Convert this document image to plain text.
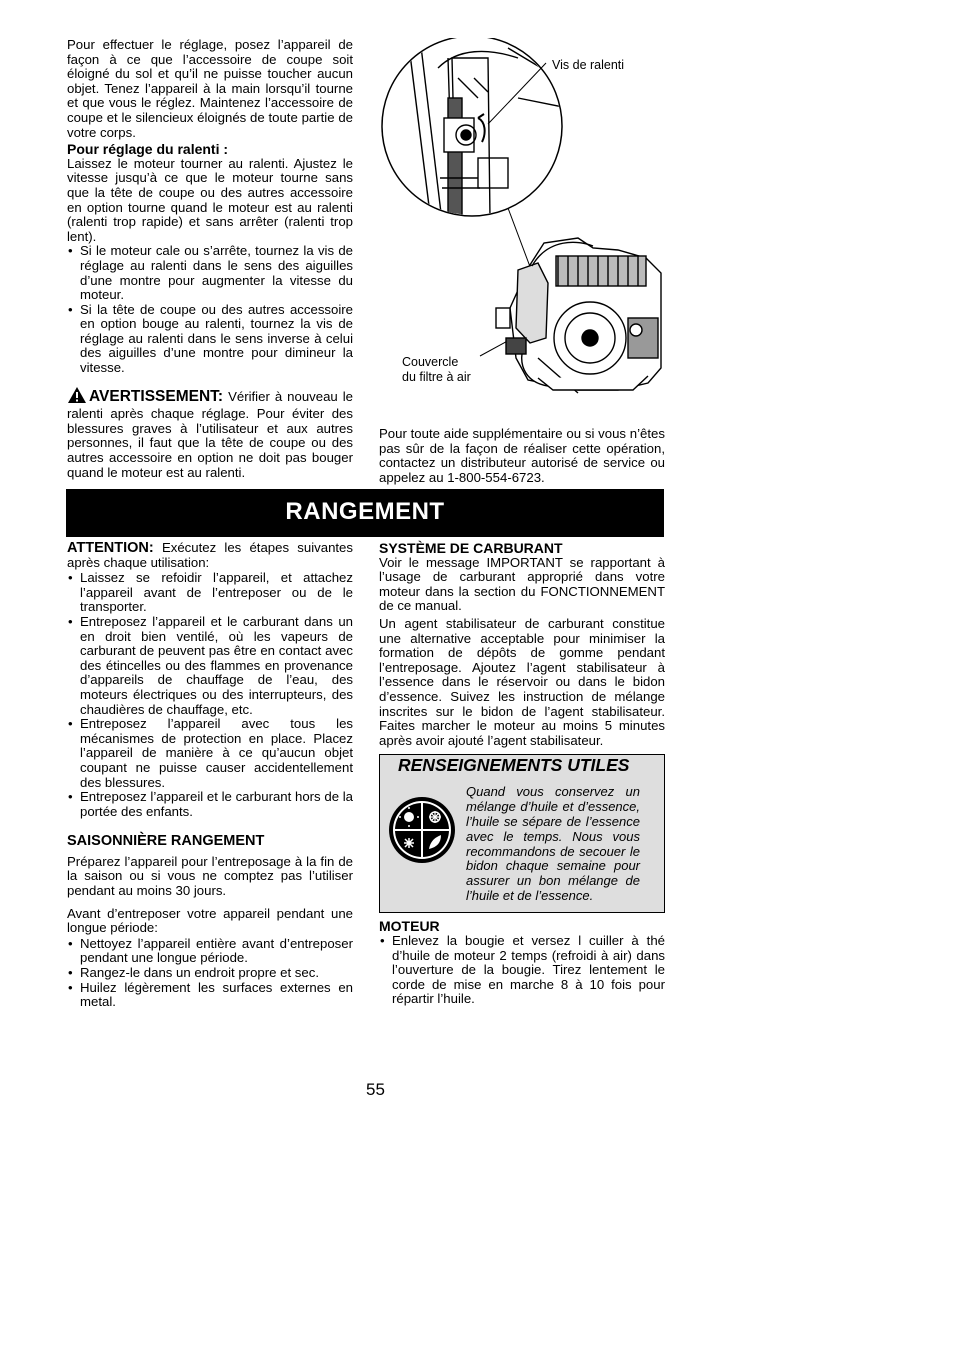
Pour effectuer le réglage, posez l’appareil de façon à ce que l’accessoire de coupe soit éloigné du sol et qu’il ne puisse toucher aucun objet. Tenez l’appareil à la main lorsqu’il tourne et que vous le réglez. Maintenez l’accessoire de coupe et le silencieux éloignés de toute partie de votre corps.

Pour réglage du ralenti :

Laissez le moteur tourner au ralenti. Ajustez le vitesse jusqu’à ce que le moteur tourne sans que la tête de coupe ou des autres accessoire en option tourne quand le moteur est au ralenti (ralenti trop rapide) et sans arrêter (ralenti trop lent).

• Si le moteur cale ou s’arrête, tournez la vis de réglage au ralenti dans le sens des aiguilles d’une montre pour augmenter la vitesse du moteur.
• Si la tête de coupe ou des autres accessoire en option bouge au ralenti, tournez la vis de réglage au ralenti dans le sens inverse à celui des aiguilles d’une montre pour dimineur la vitesse.

AVERTISSEMENT: Vérifier à nouveau le ralenti après chaque réglage. Pour éviter des blessures graves à l’utilisateur et aux autres personnes, il faut que la tête de coupe ou des autres accessoire en option ne doit pas bouger quand le moteur est au ralenti.

Vis de ralenti
Couvercle
du filtre à air

Pour toute aide supplémentaire ou si vous n’êtes pas sûr de la façon de réaliser cette opération, contactez un distributeur autorisé de service ou appelez au 1-800-554-6723.

RANGEMENT

ATTENTION: Exécutez les étapes suivantes après chaque utilisation:

• Laissez se refoidir l’appareil, et attachez l’appareil avant de l’entreposer ou de le transporter.
• Entreposez l’appareil et le carburant dans un en droit bien ventilé, où les vapeurs de carburant de peuvent pas être en contact avec des étincelles ou des flammes en provenance d’appareils de chauffage de l’eau, des moteurs électriques ou des interrupteurs, des chaudières de chauffage, etc.
• Entreposez l’appareil avec tous les mécanismes de protection en place. Placez l’appareil de manière à ce qu’aucun objet coupant ne puisse causer accidentellement des blessures.
• Entreposez l’appareil et le carburant hors de la portée des enfants.

SAISONNIÈRE RANGEMENT

Préparez l’appareil pour l’entreposage à la fin de la saison ou si vous ne comptez pas l’utiliser pendant au moins 30 jours.

Avant d’entreposer votre appareil pendant une longue période:

• Nettoyez l’appareil entière avant d’entreposer pendant une longue période.
• Rangez-le dans un endroit propre et sec.
• Huilez légèrement les surfaces externes en metal.

SYSTÈME DE CARBURANT

Voir le message IMPORTANT se rapportant à l’usage de carburant approprié dans votre moteur dans la section du FONCTIONNEMENT de ce manual.

Un agent stabilisateur de carburant constitue une alternative acceptable pour minimiser la formation de dépôts de gomme pendant l’entreposage. Ajoutez l’agent stabilisateur à l’essence dans le réservoir ou dans le bidon d’essence. Suivez les instruction de mélange inscrites sur le bidon de l’agent stabilisateur. Faites marcher le moteur au moins 5 minutes après avoir ajouté l’agent stabilisateur.

RENSEIGNEMENTS UTILES
Quand vous conservez un mélange d’huile et d’essence, l’huile se sépare de l’essence avec le temps. Nous vous recommandons de secouer le bidon chaque semaine pour assurer un bon mélange de l’huile et de l’essence.

MOTEUR

• Enlevez la bougie et versez l cuiller à thé d’huile de moteur 2 temps (refroidi à air) dans l’ouverture de la bougie. Tirez lentement le corde de mise en marche 8 à 10 fois pour répartir l’huile.
55
